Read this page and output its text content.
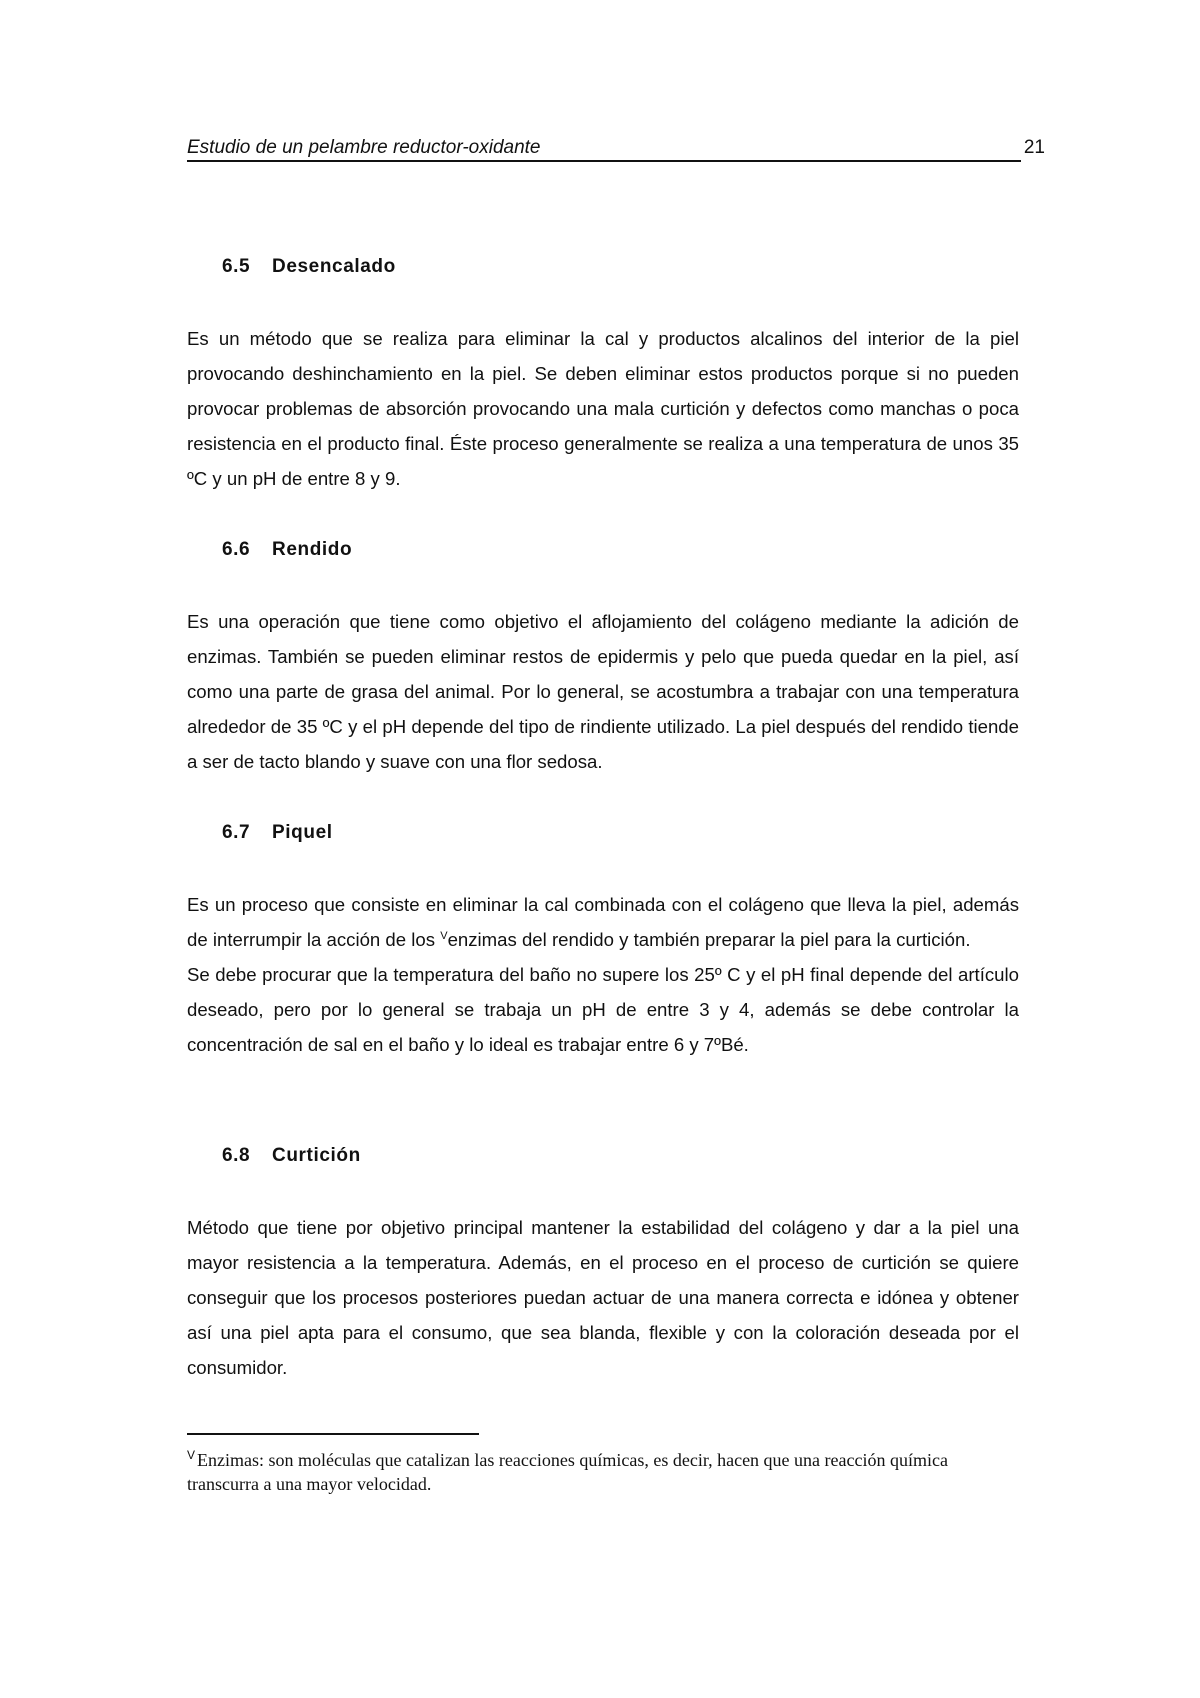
Estudio de un pelambre reductor-oxidante	21
6.5 Desencalado

Es un método que se realiza para eliminar la cal y productos alcalinos del interior de la piel provocando deshinchamiento en la piel. Se deben eliminar estos productos porque si no pueden provocar problemas de absorción provocando una mala curtición y defectos como manchas o poca resistencia en el producto final. Éste proceso generalmente se realiza a una temperatura de unos 35 ºC y un pH de entre 8 y 9.

6.6 Rendido

Es una operación que tiene como objetivo el aflojamiento del colágeno mediante la adición de enzimas. También se pueden eliminar restos de epidermis y pelo que pueda quedar en la piel, así como una parte de grasa del animal. Por lo general, se acostumbra a trabajar con una temperatura alrededor de 35 ºC y el pH depende del tipo de rindiente utilizado. La piel después del rendido tiende a ser de tacto blando y suave con una flor sedosa.

6.7 Piquel

Es un proceso que consiste en eliminar la cal combinada con el colágeno que lleva la piel, además de interrumpir la acción de los $^V$enzimas del rendido y también preparar la piel para la curtición.

Se debe procurar que la temperatura del baño no supere los 25º C y el pH final depende del artículo deseado, pero por lo general se trabaja un pH de entre 3 y 4, además se debe controlar la concentración de sal en el baño y lo ideal es trabajar entre 6 y 7ºBé.

6.8 Curtición

Método que tiene por objetivo principal mantener la estabilidad del colágeno y dar a la piel una mayor resistencia a la temperatura. Además, en el proceso en el proceso de curtición se quiere conseguir que los procesos posteriores puedan actuar de una manera correcta e idónea y obtener así una piel apta para el consumo, que sea blanda, flexible y con la coloración deseada por el consumidor.

$^V$ Enzimas: son moléculas que catalizan las reacciones químicas, es decir, hacen que una reacción química transcurra a una mayor velocidad.
